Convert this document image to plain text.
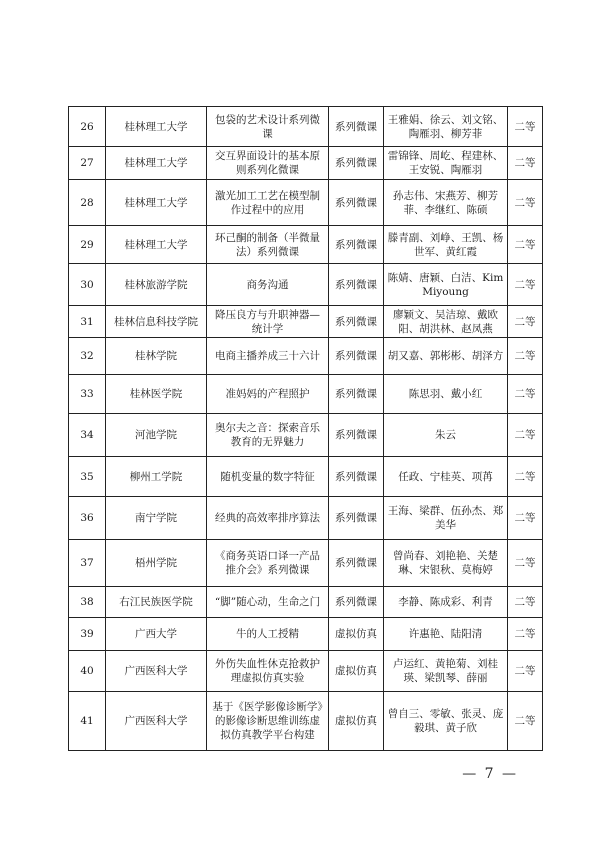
26	桂林理工大学	包袋的艺术设计系列微课	系列微课	王雅娟、徐云、刘文铭、陶雁羽、柳芳菲	二等
27	桂林理工大学	交互界面设计的基本原则系列化微课	系列微课	雷锦锋、周屹、程建林、王安锐、陶雁羽	二等
28	桂林理工大学	激光加工工艺在模型制作过程中的应用	系列微课	孙志伟、宋燕芳、柳芳菲、李继红、陈硕	二等
29	桂林理工大学	环己酮的制备（半微量法）系列微课	系列微课	滕青副、刘峥、王凯、杨世军、黄红霞	二等
30	桂林旅游学院	商务沟通	系列微课	陈婧、唐颖、白洁、KimMiyoung	二等
31	桂林信息科技学院	降压良方与升职神器—统计学	系列微课	廖颖文、吴洁琼、戴欧阳、胡洪林、赵凤燕	二等
32	桂林学院	电商主播养成三十六计	系列微课	胡又嘉、郭彬彬、胡泽方	二等
33	桂林医学院	准妈妈的产程照护	系列微课	陈思羽、戴小红	二等
34	河池学院	奥尔夫之音：探索音乐教育的无界魅力	系列微课	朱云	二等
35	柳州工学院	随机变量的数字特征	系列微课	任政、宁桂英、项苒	二等
36	南宁学院	经典的高效率排序算法	系列微课	王海、梁群、伍孙杰、郑美华	二等
37	梧州学院	《商务英语口译一产品推介会》系列微课	系列微课	曾尚春、刘艳艳、关楚琳、宋银秋、莫梅婷	二等
38	右江民族医学院	“脚”随心动，生命之门	系列微课	李静、陈成彩、利青	二等
39	广西大学	牛的人工授精	虚拟仿真	许惠艳、陆阳清	二等
40	广西医科大学	外伤失血性休克抢救护理虚拟仿真实验	虚拟仿真	卢运红、黄艳菊、刘桂瑛、梁凯琴、薛丽	二等
41	广西医科大学	基于《医学影像诊断学》的影像诊断思维训练虚拟仿真教学平台构建	虚拟仿真	曾自三、零敏、张灵、庞毅琪、黄子欣	二等
— 7 —
